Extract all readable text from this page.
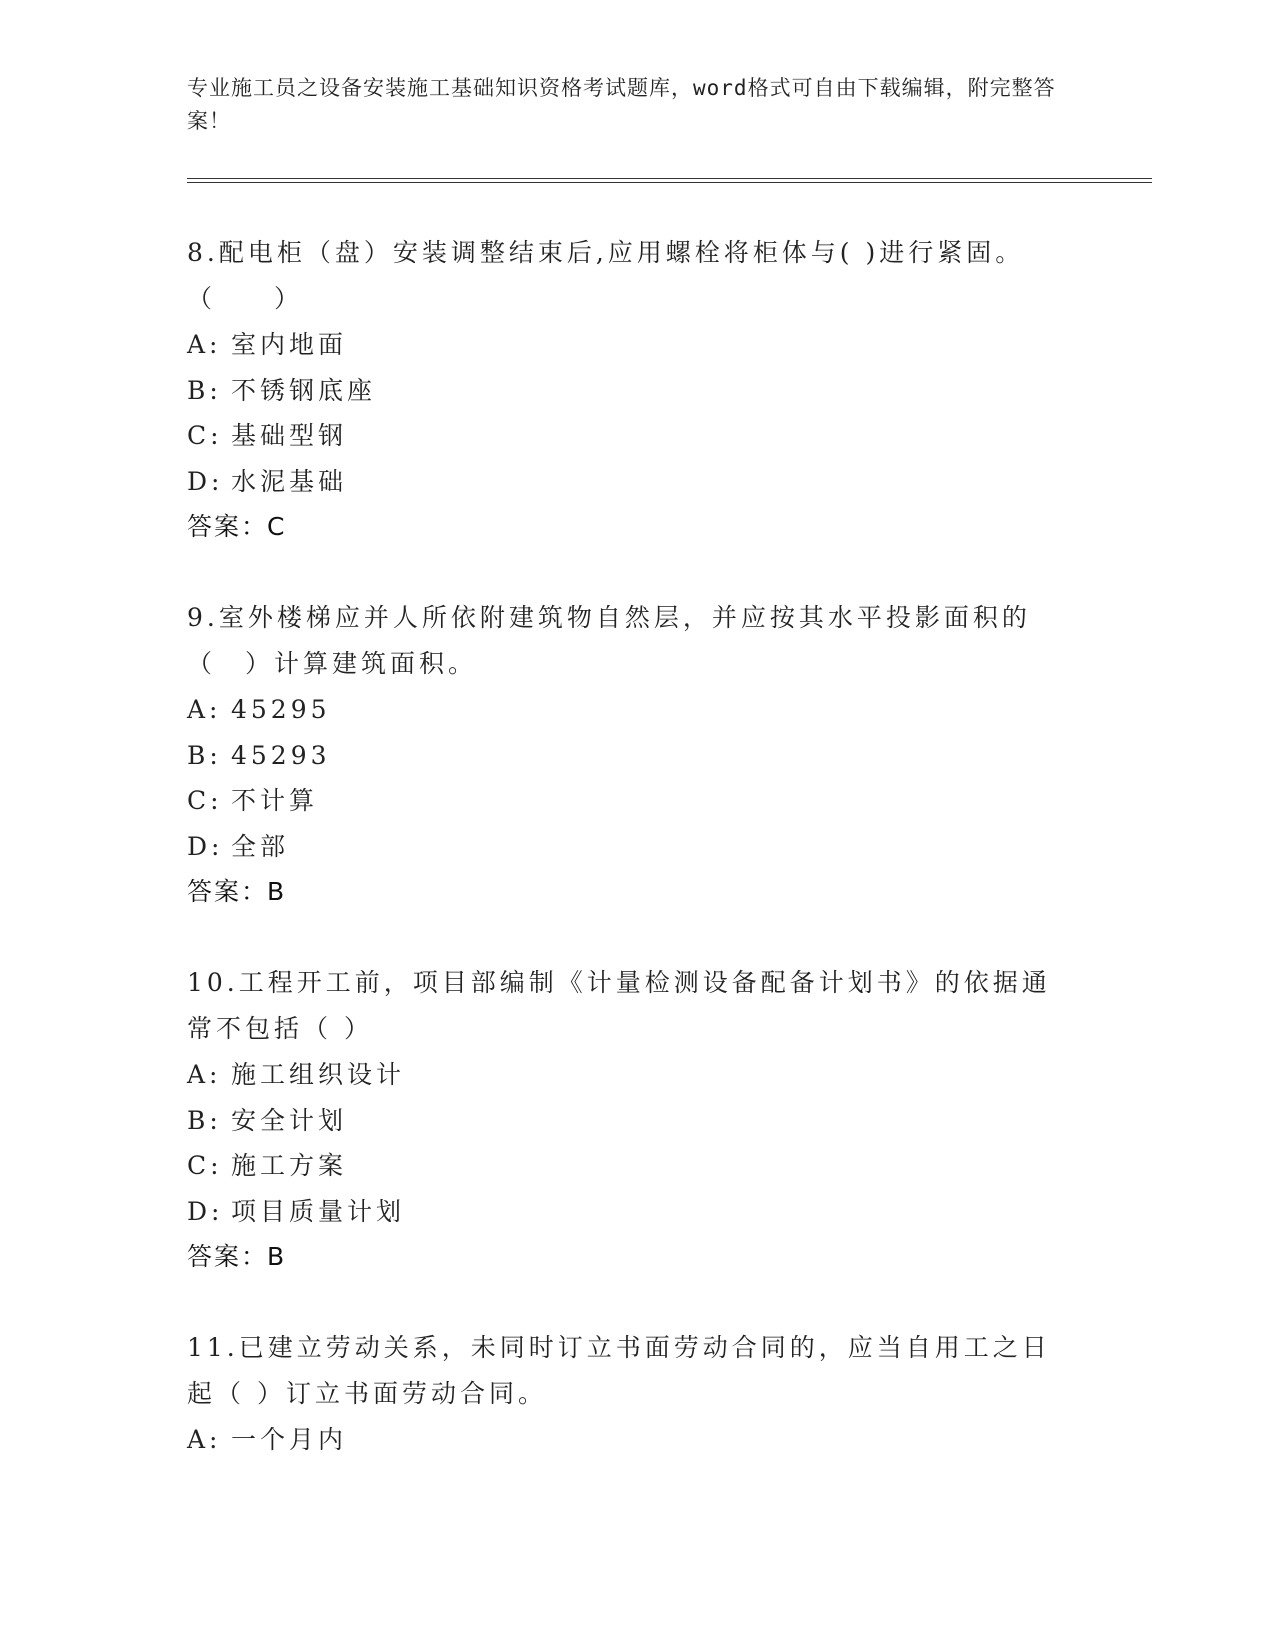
专业施工员之设备安装施工基础知识资格考试题库，word格式可自由下载编辑，附完整答案！
8.配电柜（盘）安装调整结束后,应用螺栓将柜体与( )进行紧固。（　　）
A: 室内地面
B: 不锈钢底座
C: 基础型钢
D: 水泥基础
答案 ： C
9.室外楼梯应并人所依附建筑物自然层，并应按其水平投影面积的（　）计算建筑面积。
A: 45295
B: 45293
C: 不计算
D: 全部
答案 ： B
10.工程开工前，项目部编制《计量检测设备配备计划书》的依据通常不包括（ ）
A: 施工组织设计
B: 安全计划
C: 施工方案
D: 项目质量计划
答案 ： B
11.已建立劳动关系，未同时订立书面劳动合同的，应当自用工之日起（ ）订立书面劳动合同。
A: 一个月内
